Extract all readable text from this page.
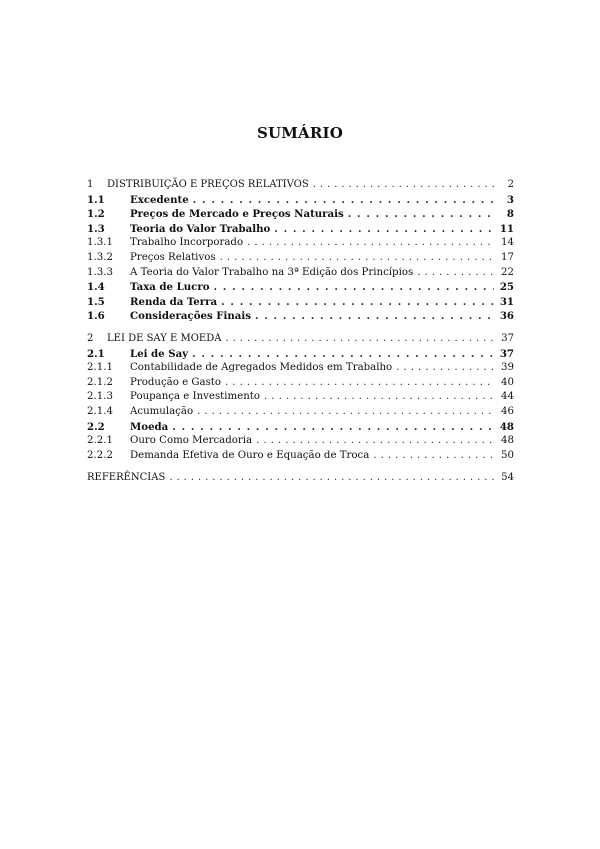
SUMÁRIO
1	DISTRIBUIÇÃO E PREÇOS RELATIVOS . . .	2
1.1	Excedente . . .	3
1.2	Preços de Mercado e Preços Naturais . . .	8
1.3	Teoria do Valor Trabalho . . .	11
1.3.1	Trabalho Incorporado . . .	14
1.3.2	Preços Relativos . . .	17
1.3.3	A Teoria do Valor Trabalho na 3ª Edição dos Princípios . . .	22
1.4	Taxa de Lucro . . .	25
1.5	Renda da Terra . . .	31
1.6	Considerações Finais . . .	36
2	LEI DE SAY E MOEDA . . .	37
2.1	Lei de Say . . .	37
2.1.1	Contabilidade de Agregados Medidos em Trabalho . . .	39
2.1.2	Produção e Gasto . . .	40
2.1.3	Poupança e Investimento . . .	44
2.1.4	Acumulação . . .	46
2.2	Moeda . . .	48
2.2.1	Ouro Como Mercadoria . . .	48
2.2.2	Demanda Efetiva de Ouro e Equação de Troca . . .	50
REFERÊNCIAS . . .	54
